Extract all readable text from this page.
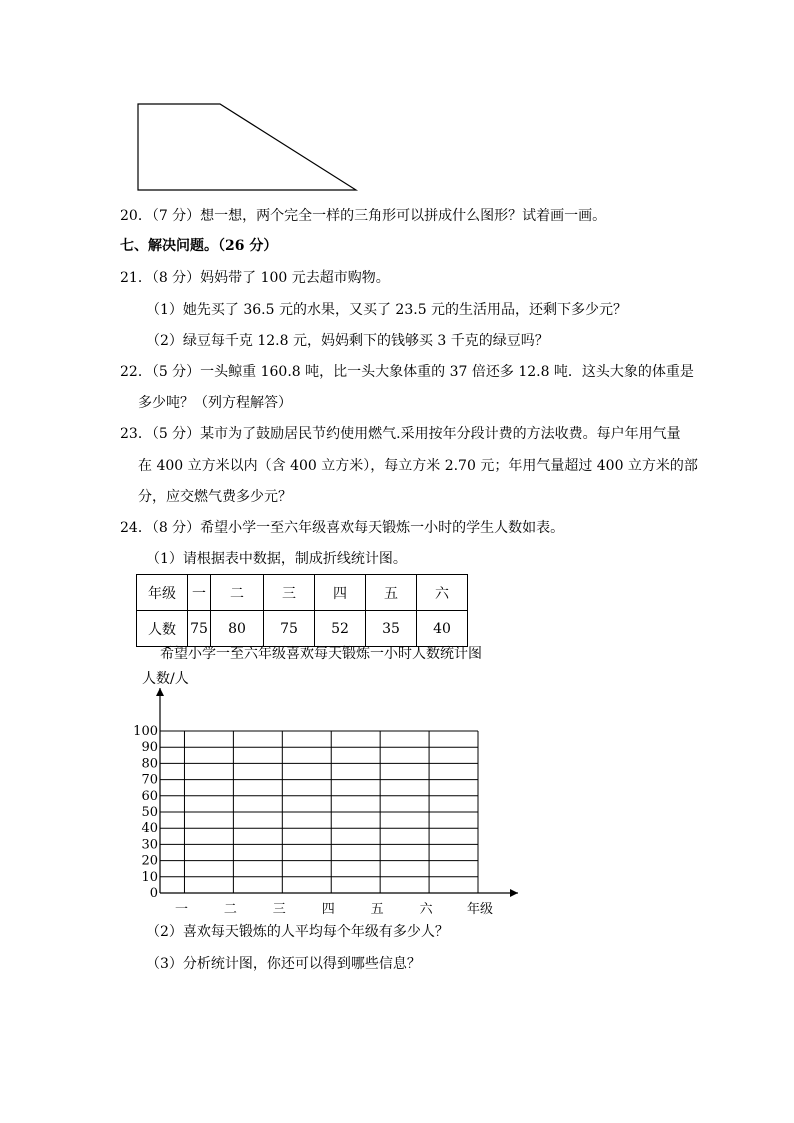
20．（7 分）想一想，两个完全一样的三角形可以拼成什么图形？试着画一画。
七、解决问题。（26 分）
21．（8 分）妈妈带了 100 元去超市购物。
（1）她先买了 36.5 元的水果，又买了 23.5 元的生活用品，还剩下多少元？
（2）绿豆每千克 12.8 元，妈妈剩下的钱够买 3 千克的绿豆吗？
22．（5 分）一头鲸重 160.8 吨，比一头大象体重的 37 倍还多 12.8 吨．这头大象的体重是
多少吨？（列方程解答）
23．（5 分）某市为了鼓励居民节约使用燃气.采用按年分段计费的方法收费。每户年用气量
在 400 立方米以内（含 400 立方米），每立方米 2.70 元；年用气量超过 400 立方米的部
分，应交燃气费多少元？
24．（8 分）希望小学一至六年级喜欢每天锻炼一小时的学生人数如表。
（1）请根据表中数据，制成折线统计图。
年级	一	二	三	四	五	六
人数	75	80	75	52	35	40
希望小学一至六年级喜欢每天锻炼一小时人数统计图
人数/人
0
10
20
30
40
50
60
70
80
90
100
一	二	三	四	五	六	年级
（2）喜欢每天锻炼的人平均每个年级有多少人？
（3）分析统计图，你还可以得到哪些信息？
